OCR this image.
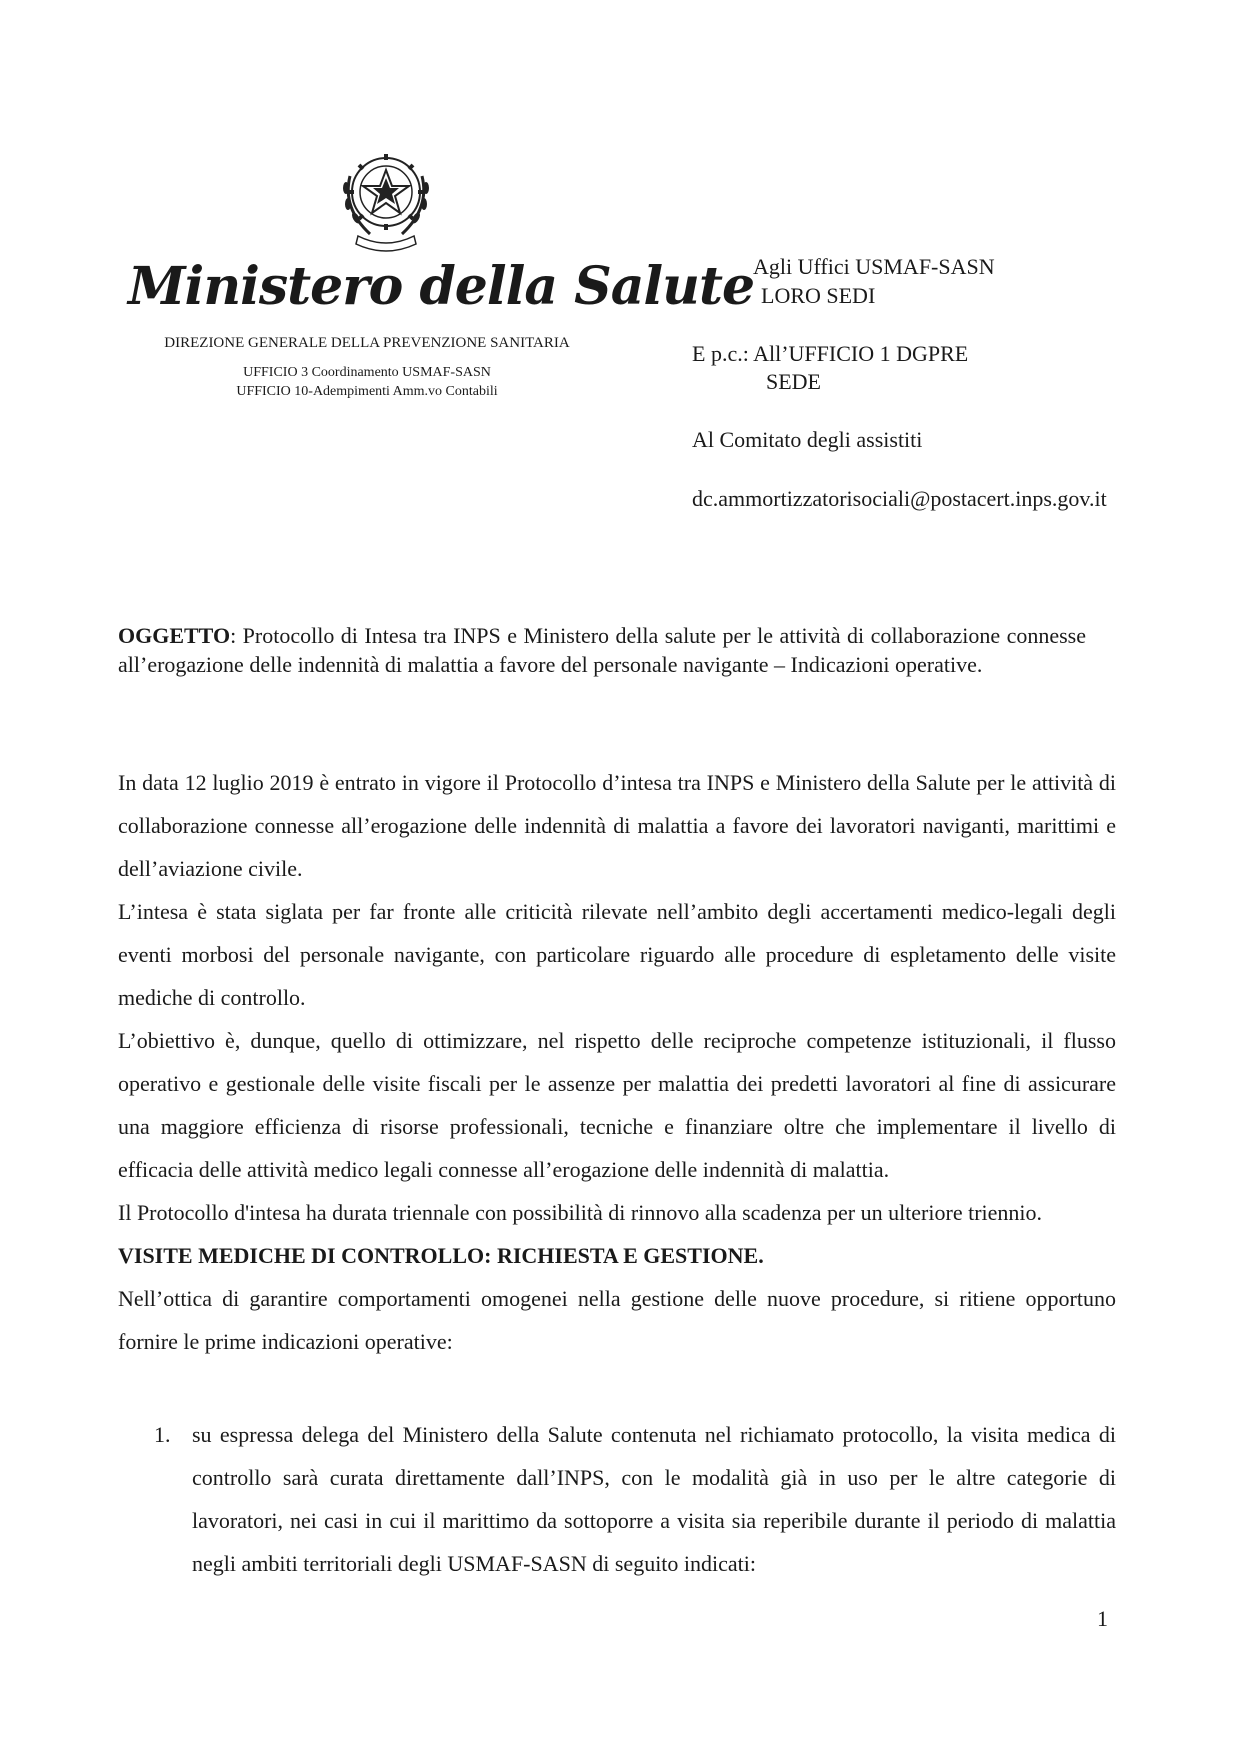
Ministero della Salute
DIREZIONE GENERALE DELLA PREVENZIONE SANITARIA
UFFICIO 3 Coordinamento USMAF-SASN
UFFICIO 10-Adempimenti Amm.vo Contabili
Agli Uffici USMAF-SASN
LORO SEDI
E p.c.: All’UFFICIO 1 DGPRE
SEDE
Al Comitato degli assistiti
dc.ammortizzatorisociali@postacert.inps.gov.it
OGGETTO: Protocollo di Intesa tra INPS e Ministero della salute per le attività di collaborazione connesse all’erogazione delle indennità di malattia a favore del personale navigante – Indicazioni operative.

In data 12 luglio 2019 è entrato in vigore il Protocollo d’intesa tra INPS e Ministero della Salute per le attività di collaborazione connesse all’erogazione delle indennità di malattia a favore dei lavoratori naviganti, marittimi e dell’aviazione civile.

L’intesa è stata siglata per far fronte alle criticità rilevate nell’ambito degli accertamenti medico-legali degli eventi morbosi del personale navigante, con particolare riguardo alle procedure di espletamento delle visite mediche di controllo.

L’obiettivo è, dunque, quello di ottimizzare, nel rispetto delle reciproche competenze istituzionali, il flusso operativo e gestionale delle visite fiscali per le assenze per malattia dei predetti lavoratori al fine di assicurare una maggiore efficienza di risorse professionali, tecniche e finanziare oltre che implementare il livello di efficacia delle attività medico legali connesse all’erogazione delle indennità di malattia.

Il Protocollo d'intesa ha durata triennale con possibilità di rinnovo alla scadenza per un ulteriore triennio.

VISITE MEDICHE DI CONTROLLO: RICHIESTA E GESTIONE.

Nell’ottica di garantire comportamenti omogenei nella gestione delle nuove procedure, si ritiene opportuno fornire le prime indicazioni operative:

1. su espressa delega del Ministero della Salute contenuta nel richiamato protocollo, la visita medica di controllo sarà curata direttamente dall’INPS, con le modalità già in uso per le altre categorie di lavoratori, nei casi in cui il marittimo da sottoporre a visita sia reperibile durante il periodo di malattia negli ambiti territoriali degli USMAF-SASN di seguito indicati:
1
